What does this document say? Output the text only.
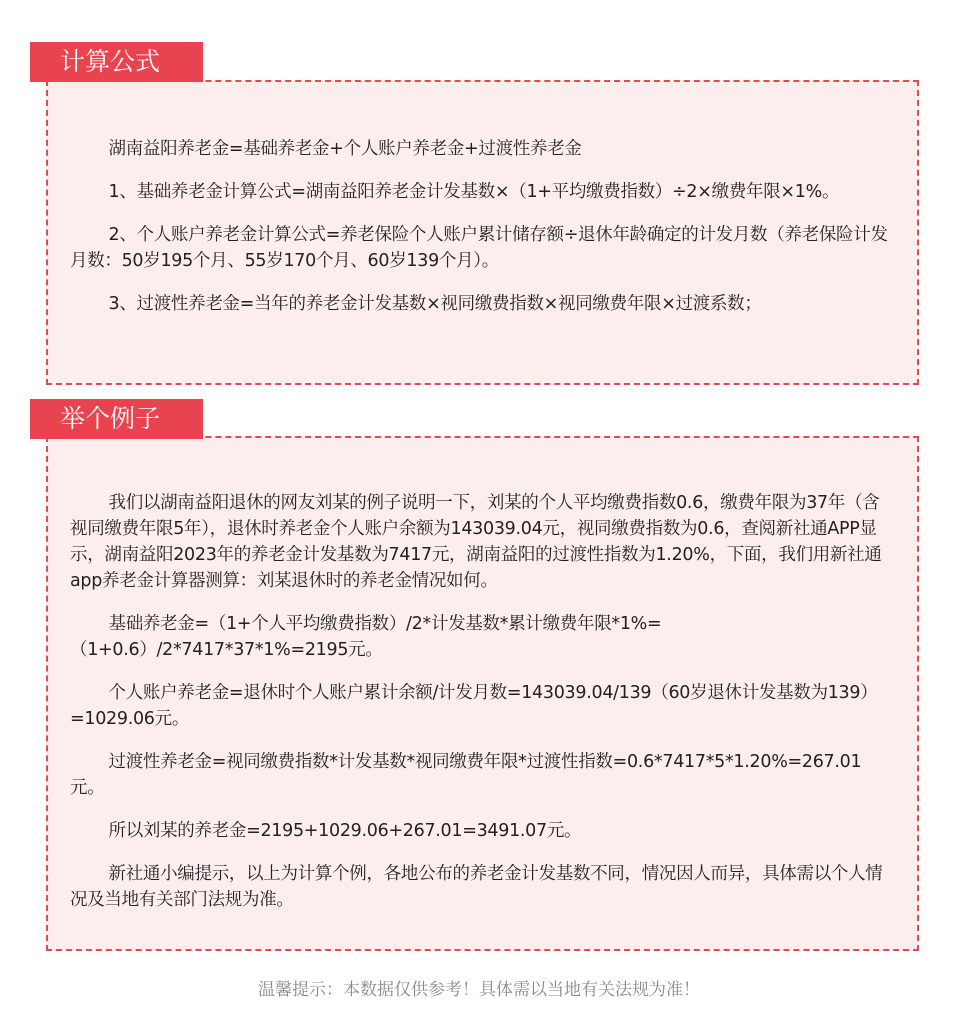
计算公式

湖南益阳养老金=基础养老金+个人账户养老金+过渡性养老金

1、基础养老金计算公式=湖南益阳养老金计发基数×（1+平均缴费指数）÷2×缴费年限×1%。

2、个人账户养老金计算公式=养老保险个人账户累计储存额÷退休年龄确定的计发月数（养老保险计发月数：50岁195个月、55岁170个月、60岁139个月）。

3、过渡性养老金=当年的养老金计发基数×视同缴费指数×视同缴费年限×过渡系数；

举个例子

我们以湖南益阳退休的网友刘某的例子说明一下，刘某的个人平均缴费指数0.6，缴费年限为37年（含视同缴费年限5年），退休时养老金个人账户余额为143039.04元，视同缴费指数为0.6，查阅新社通APP显示，湖南益阳2023年的养老金计发基数为7417元，湖南益阳的过渡性指数为1.20%，下面，我们用新社通app养老金计算器测算：刘某退休时的养老金情况如何。

基础养老金=（1+个人平均缴费指数）/2*计发基数*累计缴费年限*1%=（1+0.6）/2*7417*37*1%=2195元。

个人账户养老金=退休时个人账户累计余额/计发月数=143039.04/139（60岁退休计发基数为139）=1029.06元。

过渡性养老金=视同缴费指数*计发基数*视同缴费年限*过渡性指数=0.6*7417*5*1.20%=267.01元。

所以刘某的养老金=2195+1029.06+267.01=3491.07元。

新社通小编提示，以上为计算个例，各地公布的养老金计发基数不同，情况因人而异，具体需以个人情况及当地有关部门法规为准。

温馨提示：本数据仅供参考！具体需以当地有关法规为准！
